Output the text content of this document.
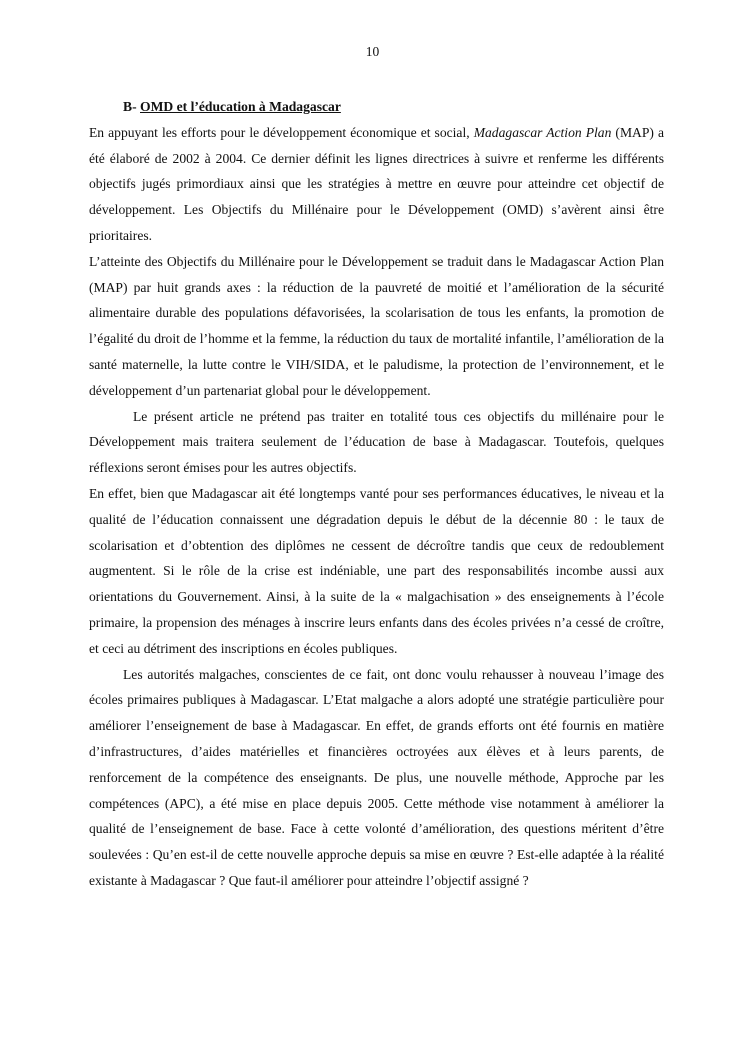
10
B- OMD et l’éducation à Madagascar

En appuyant les efforts pour le développement économique et social, Madagascar Action Plan (MAP) a été élaboré de 2002 à 2004. Ce dernier définit les lignes directrices à suivre et renferme les différents objectifs jugés primordiaux ainsi que les stratégies à mettre en œuvre pour atteindre cet objectif de développement. Les Objectifs du Millénaire pour le Développement (OMD) s’avèrent ainsi être prioritaires.

L’atteinte des Objectifs du Millénaire pour le Développement se traduit dans le Madagascar Action Plan (MAP) par huit grands axes : la réduction de la pauvreté de moitié et l’amélioration de la sécurité alimentaire durable des populations défavorisées, la scolarisation de tous les enfants, la promotion de l’égalité du droit de l’homme et la femme, la réduction du taux de mortalité infantile, l’amélioration de la santé maternelle, la lutte contre le VIH/SIDA, et le paludisme, la protection de l’environnement, et le développement d’un partenariat global pour le développement.

Le présent article ne prétend pas traiter en totalité tous ces objectifs du millénaire pour le Développement mais traitera seulement de l’éducation de base à Madagascar. Toutefois, quelques réflexions seront émises pour les autres objectifs.

En effet, bien que Madagascar ait été longtemps vanté pour ses performances éducatives, le niveau et la qualité de l’éducation connaissent une dégradation depuis le début de la décennie 80 : le taux de scolarisation et d’obtention des diplômes ne cessent de décroître tandis que ceux de redoublement augmentent. Si le rôle de la crise est indéniable, une part des responsabilités incombe aussi aux orientations du Gouvernement. Ainsi, à la suite de la « malgachisation » des enseignements à l’école primaire, la propension des ménages à inscrire leurs enfants dans des écoles privées n’a cessé de croître, et ceci au détriment des inscriptions en écoles publiques.

Les autorités malgaches, conscientes de ce fait, ont donc voulu rehausser à nouveau l’image des écoles primaires publiques à Madagascar. L’Etat malgache a alors adopté une stratégie particulière pour améliorer l’enseignement de base à Madagascar. En effet, de grands efforts ont été fournis en matière d’infrastructures, d’aides matérielles et financières octroyées aux élèves et à leurs parents, de renforcement de la compétence des enseignants. De plus, une nouvelle méthode, Approche par les compétences (APC), a été mise en place depuis 2005. Cette méthode vise notamment à améliorer la qualité de l’enseignement de base. Face à cette volonté d’amélioration, des questions méritent d’être soulevées : Qu’en est-il de cette nouvelle approche depuis sa mise en œuvre ? Est-elle adaptée à la réalité existante à Madagascar ? Que faut-il améliorer pour atteindre l’objectif assigné ?
